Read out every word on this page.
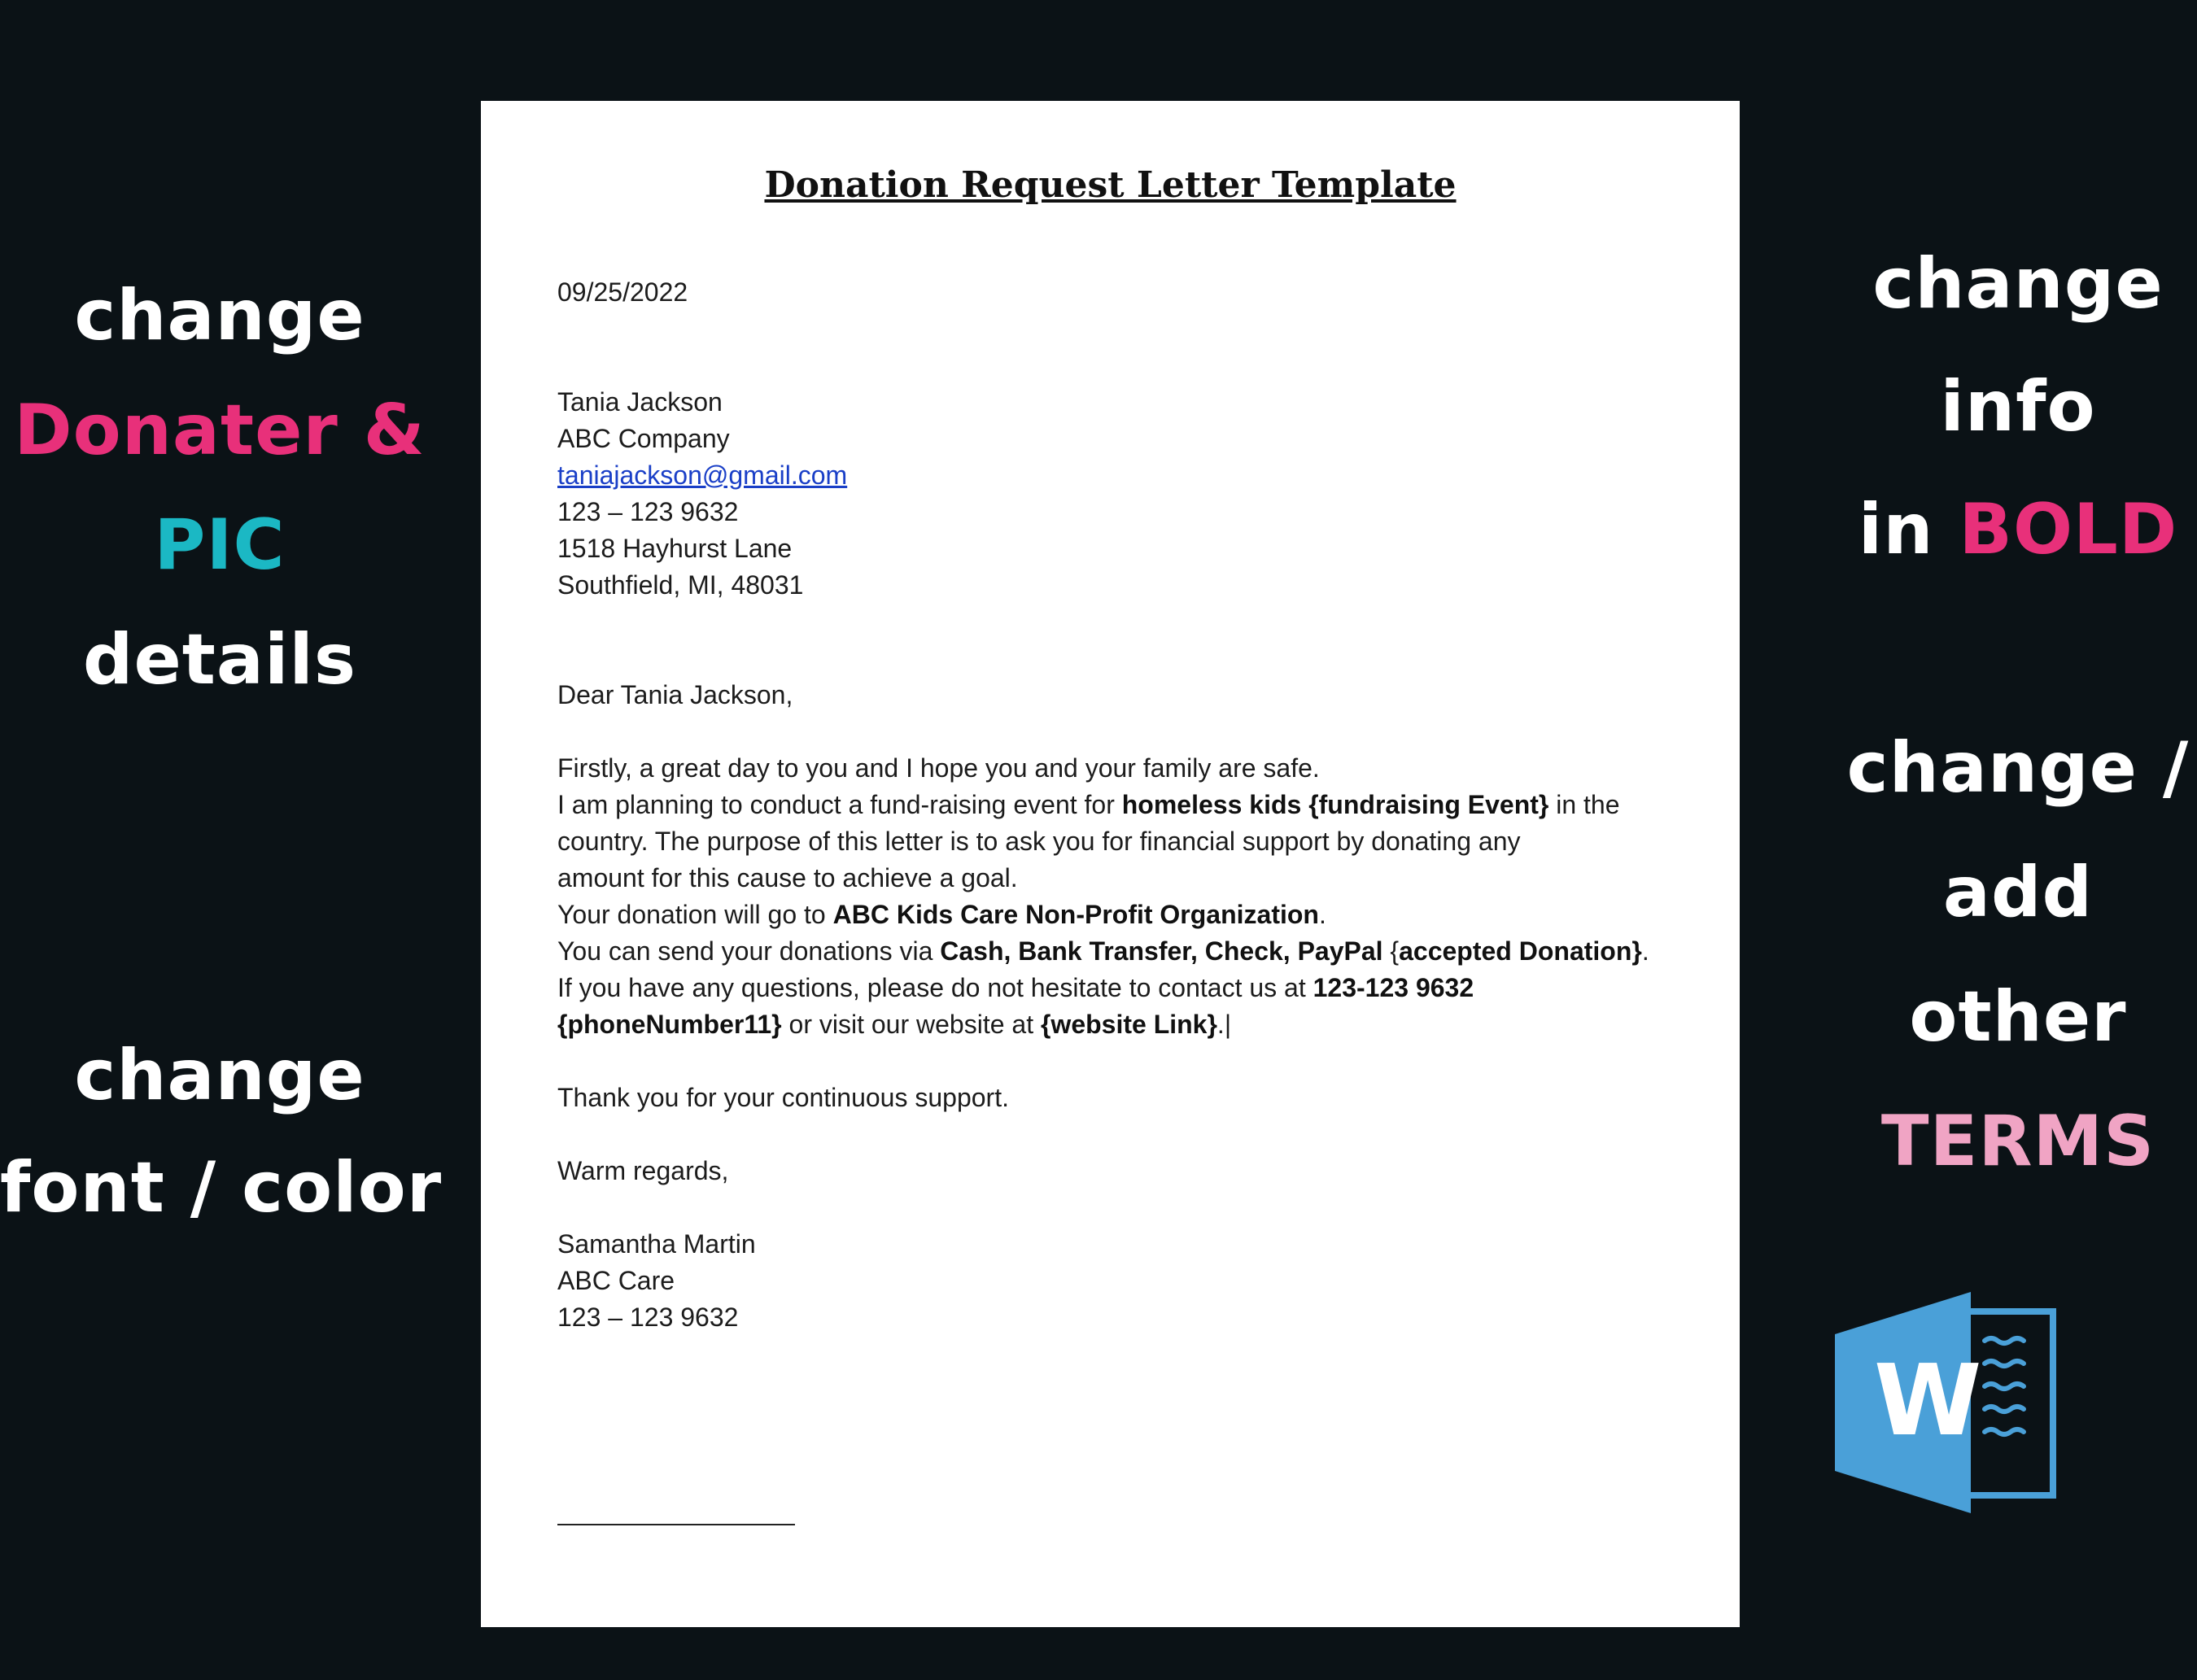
change
Donater &
PIC
details
change
font / color
change
info
in BOLD
change /
add
other
TERMS
Donation Request Letter Template
09/25/2022
Tania Jackson
ABC Company
taniajackson@gmail.com
123 – 123 9632
1518 Hayhurst Lane
Southfield, MI, 48031
Dear Tania Jackson,
Firstly, a great day to you and I hope you and your family are safe.
I am planning to conduct a fund-raising event for homeless kids {fundraising Event} in the
country. The purpose of this letter is to ask you for financial support by donating any
amount for this cause to achieve a goal.
Your donation will go to ABC Kids Care Non-Profit Organization.
You can send your donations via Cash, Bank Transfer, Check, PayPal {accepted Donation}.
If you have any questions, please do not hesitate to contact us at 123-123 9632
{phoneNumber11} or visit our website at {website Link}.|
Thank you for your continuous support.
Warm regards,
Samantha Martin
ABC Care
123 – 123 9632
W
